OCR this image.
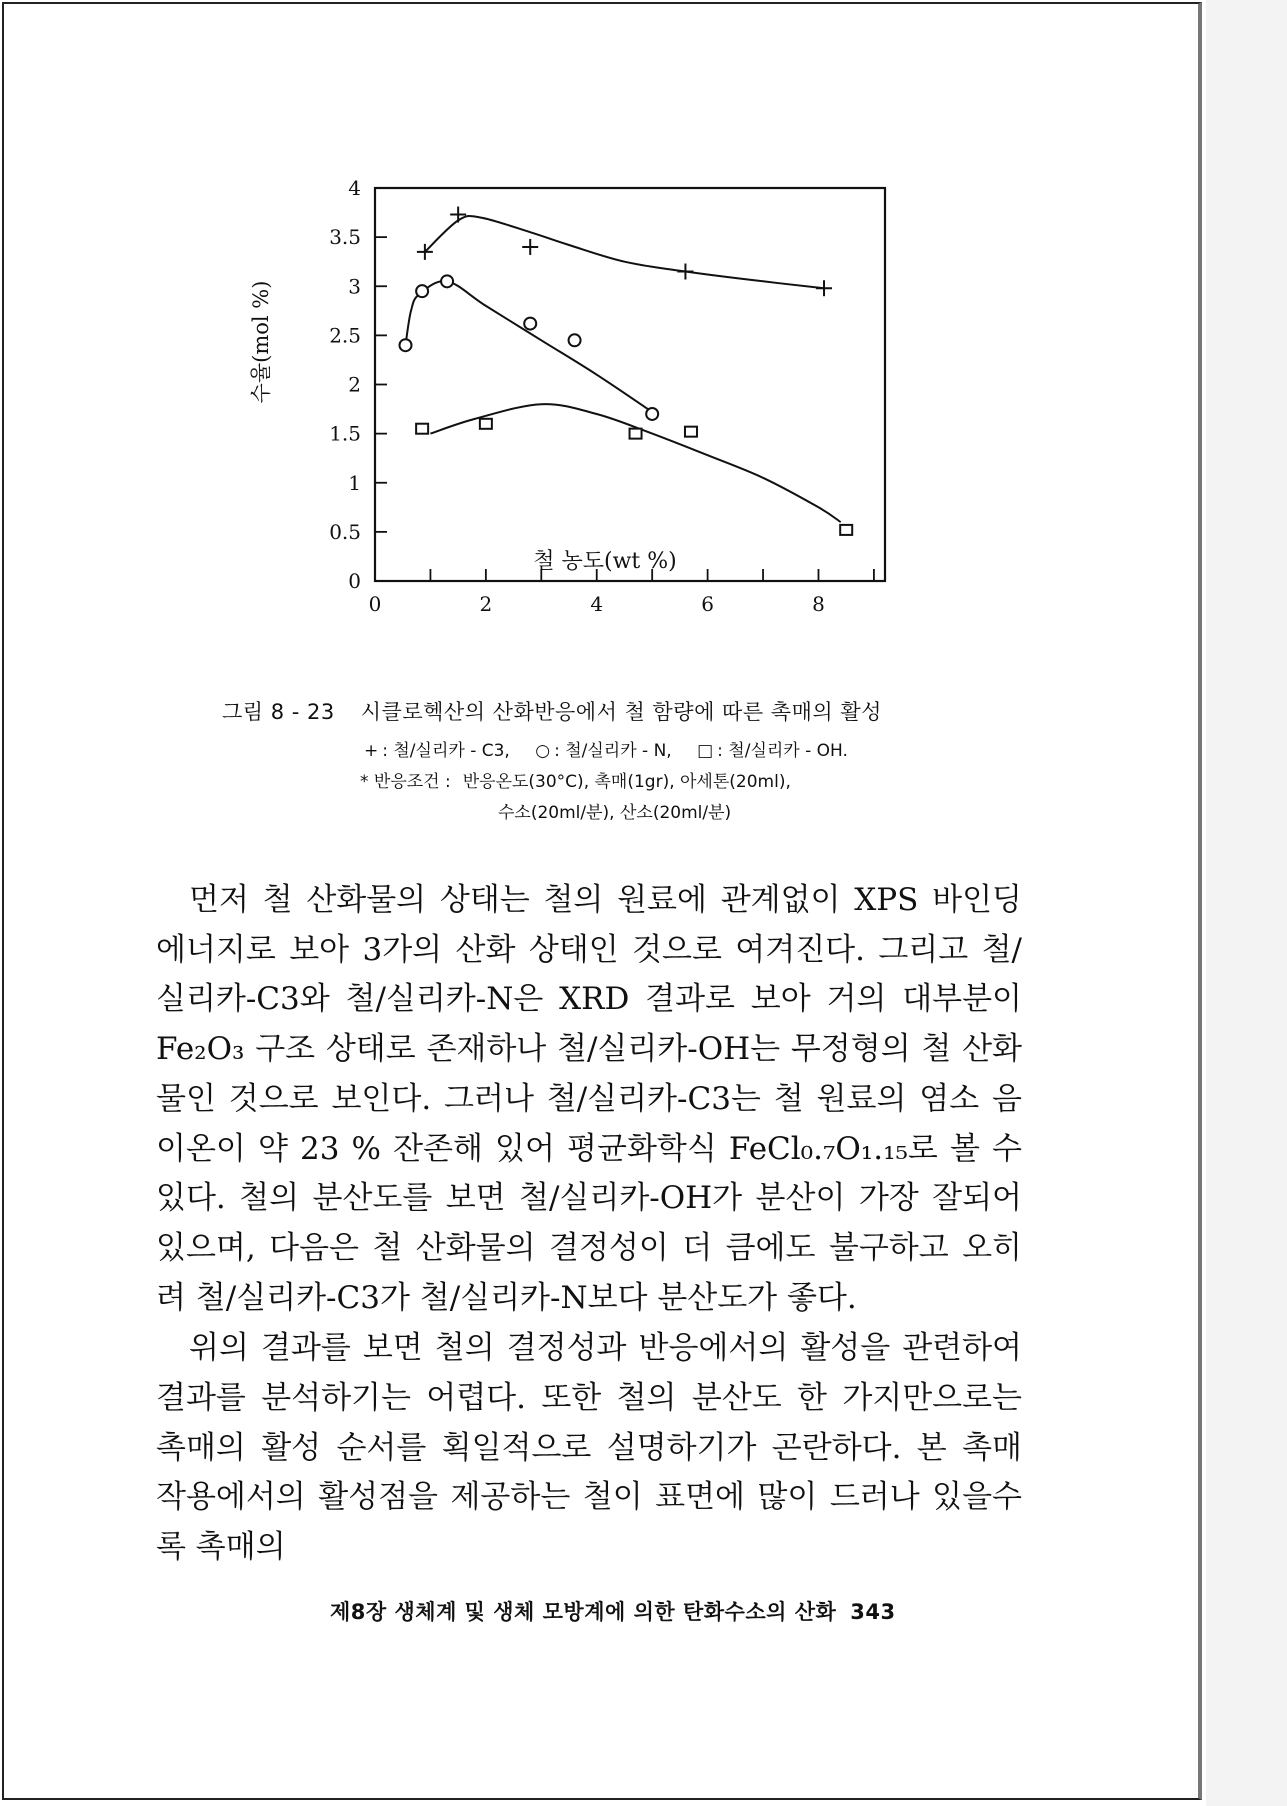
0
0.5
1
1.5
2
2.5
3
3.5
4
0	2	4	6	8
철 농도(wt %)
수율(mol %)
그림 8 - 23 시클로헥산의 산화반응에서 철 함량에 따른 촉매의 활성
+ : 철/실리카 - C3, ○ : 철/실리카 - N, □ : 철/실리카 - OH.
* 반응조건 : 반응온도(30°C), 촉매(1gr), 아세톤(20ml),
수소(20ml/분), 산소(20ml/분)

먼저 철 산화물의 상태는 철의 원료에 관계없이 XPS 바인딩 에너지로 보아 3가의 산화 상태인 것으로 여겨진다. 그리고 철/실리카-C3와 철/실리카-N은 XRD 결과로 보아 거의 대부분이 Fe₂O₃ 구조 상태로 존재하나 철/실리카-OH는 무정형의 철 산화물인 것으로 보인다. 그러나 철/실리카-C3는 철 원료의 염소 음이온이 약 23 % 잔존해 있어 평균화학식 FeCl₀.₇O₁.₁₅로 볼 수 있다. 철의 분산도를 보면 철/실리카-OH가 분산이 가장 잘되어 있으며, 다음은 철 산화물의 결정성이 더 큼에도 불구하고 오히려 철/실리카-C3가 철/실리카-N보다 분산도가 좋다.

위의 결과를 보면 철의 결정성과 반응에서의 활성을 관련하여 결과를 분석하기는 어렵다. 또한 철의 분산도 한 가지만으로는 촉매의 활성 순서를 획일적으로 설명하기가 곤란하다. 본 촉매 작용에서의 활성점을 제공하는 철이 표면에 많이 드러나 있을수록 촉매의

제8장 생체계 및 생체 모방계에 의한 탄화수소의 산화 343
